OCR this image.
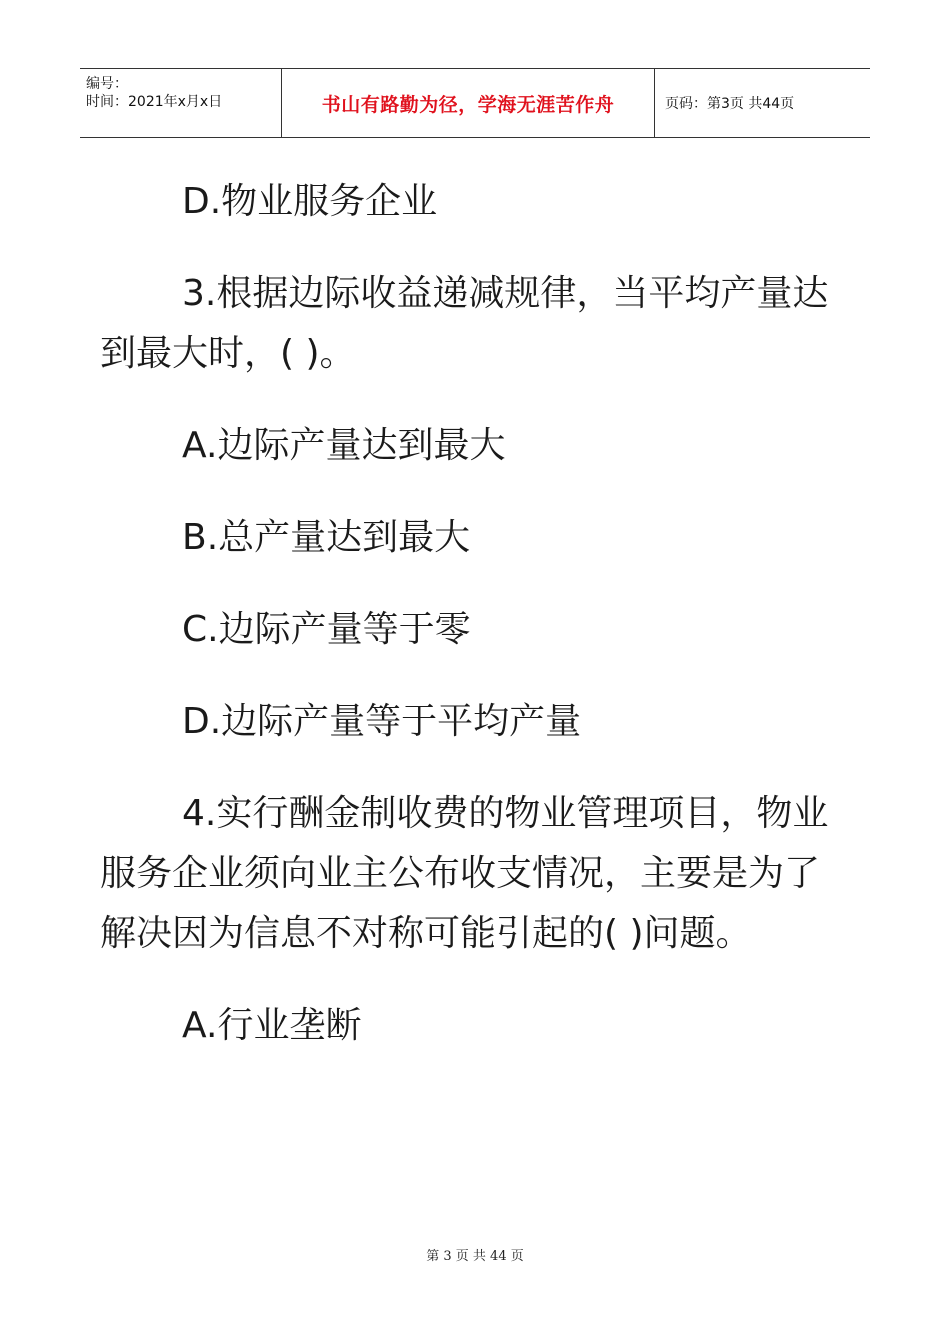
编号：
时间：2021年x月x日	书山有路勤为径，学海无涯苦作舟	页码：第3页 共44页

D.物业服务企业

3.根据边际收益递减规律，当平均产量达到最大时，( )。

A.边际产量达到最大

B.总产量达到最大

C.边际产量等于零

D.边际产量等于平均产量

4.实行酬金制收费的物业管理项目，物业服务企业须向业主公布收支情况，主要是为了解决因为信息不对称可能引起的( )问题。

A.行业垄断

第 3 页 共 44 页
